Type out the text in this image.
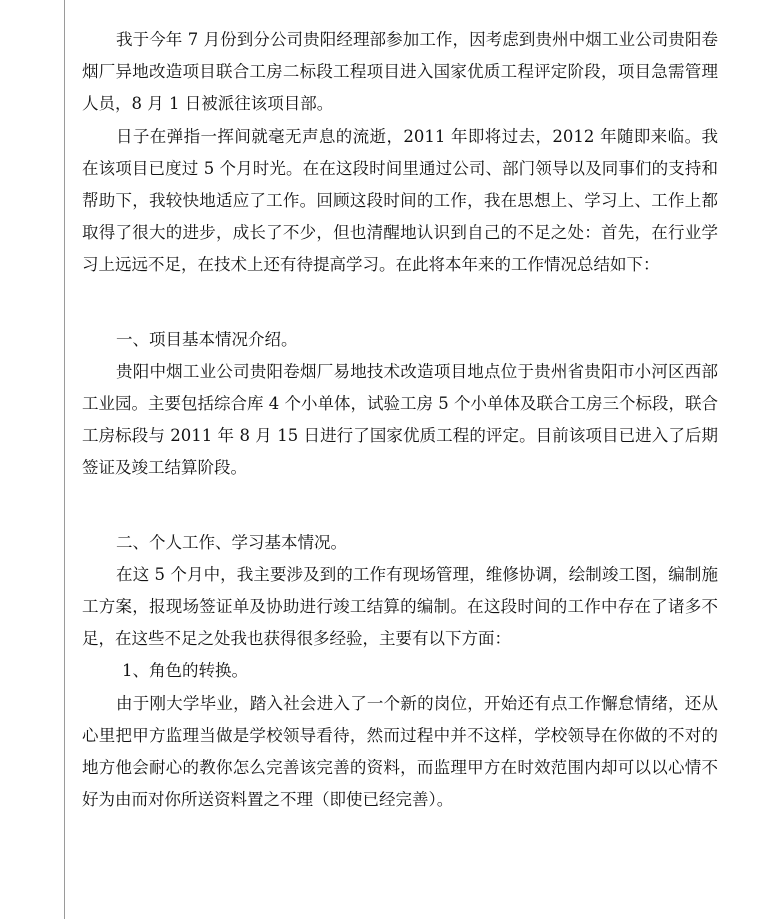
我于今年 7 月份到分公司贵阳经理部参加工作，因考虑到贵州中烟工业公司贵阳卷烟厂异地改造项目联合工房二标段工程项目进入国家优质工程评定阶段，项目急需管理人员，8 月 1 日被派往该项目部。

日子在弹指一挥间就毫无声息的流逝，2011 年即将过去，2012 年随即来临。我在该项目已度过 5 个月时光。在在这段时间里通过公司、部门领导以及同事们的支持和帮助下，我较快地适应了工作。回顾这段时间的工作，我在思想上、学习上、工作上都取得了很大的进步，成长了不少，但也清醒地认识到自己的不足之处：首先，在行业学习上远远不足，在技术上还有待提高学习。在此将本年来的工作情况总结如下：

一、项目基本情况介绍。

贵阳中烟工业公司贵阳卷烟厂易地技术改造项目地点位于贵州省贵阳市小河区西部工业园。主要包括综合库 4 个小单体，试验工房 5 个小单体及联合工房三个标段，联合工房标段与 2011 年 8 月 15 日进行了国家优质工程的评定。目前该项目已进入了后期签证及竣工结算阶段。

二、个人工作、学习基本情况。

在这 5 个月中，我主要涉及到的工作有现场管理，维修协调，绘制竣工图，编制施工方案，报现场签证单及协助进行竣工结算的编制。在这段时间的工作中存在了诸多不足，在这些不足之处我也获得很多经验，主要有以下方面：

1、角色的转换。

由于刚大学毕业，踏入社会进入了一个新的岗位，开始还有点工作懈怠情绪，还从心里把甲方监理当做是学校领导看待，然而过程中并不这样，学校领导在你做的不对的地方他会耐心的教你怎么完善该完善的资料，而监理甲方在时效范围内却可以以心情不好为由而对你所送资料置之不理（即使已经完善）。
